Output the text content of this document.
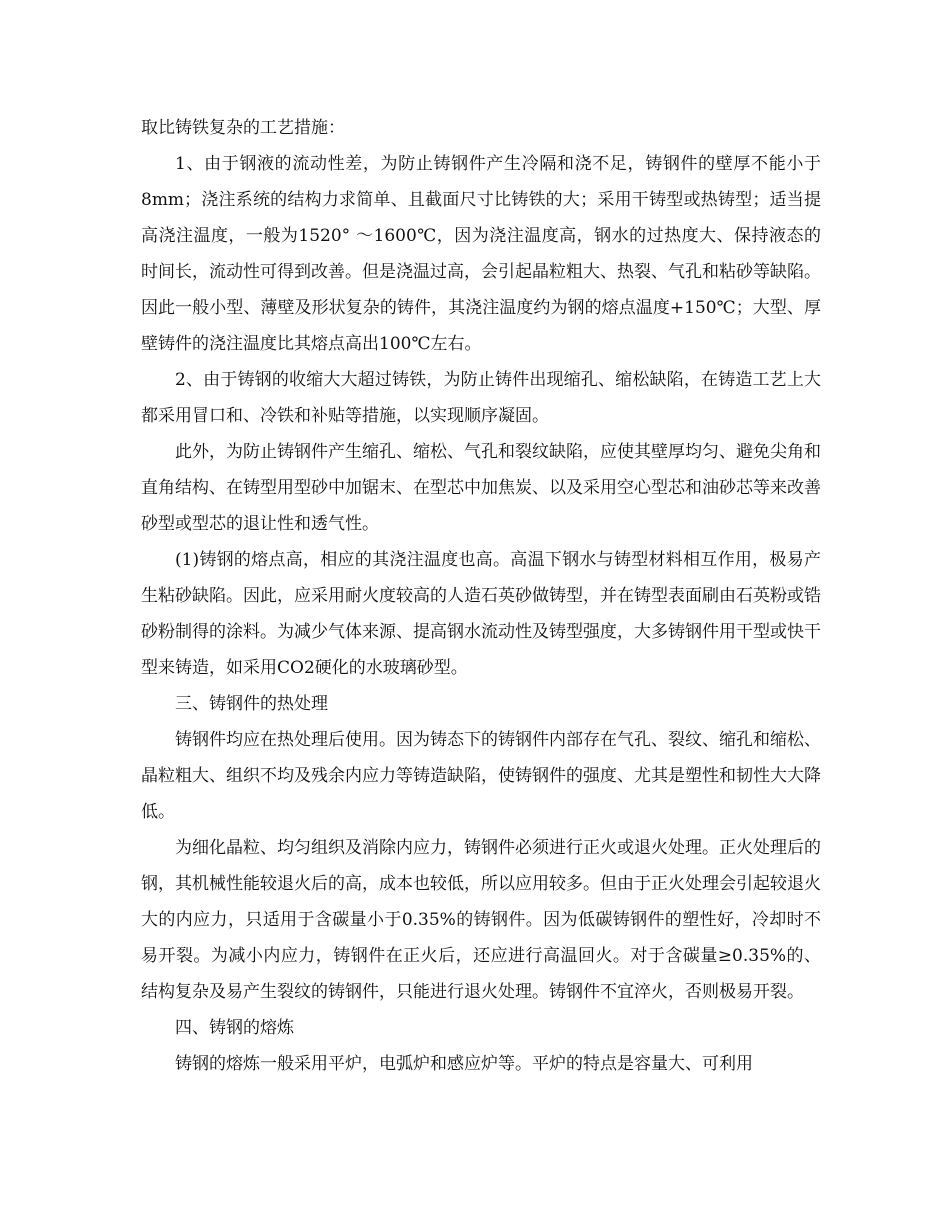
取比铸铁复杂的工艺措施：

1、由于钢液的流动性差，为防止铸钢件产生冷隔和浇不足，铸钢件的壁厚不能小于8mm；浇注系统的结构力求简单、且截面尺寸比铸铁的大；采用干铸型或热铸型；适当提高浇注温度，一般为1520° ～1600℃，因为浇注温度高，钢水的过热度大、保持液态的时间长，流动性可得到改善。但是浇温过高，会引起晶粒粗大、热裂、气孔和粘砂等缺陷。因此一般小型、薄壁及形状复杂的铸件，其浇注温度约为钢的熔点温度+150℃；大型、厚壁铸件的浇注温度比其熔点高出100℃左右。

2、由于铸钢的收缩大大超过铸铁，为防止铸件出现缩孔、缩松缺陷，在铸造工艺上大都采用冒口和、冷铁和补贴等措施，以实现顺序凝固。

此外，为防止铸钢件产生缩孔、缩松、气孔和裂纹缺陷，应使其壁厚均匀、避免尖角和直角结构、在铸型用型砂中加锯末、在型芯中加焦炭、以及采用空心型芯和油砂芯等来改善砂型或型芯的退让性和透气性。

(1)铸钢的熔点高，相应的其浇注温度也高。高温下钢水与铸型材料相互作用，极易产生粘砂缺陷。因此，应采用耐火度较高的人造石英砂做铸型，并在铸型表面刷由石英粉或锆砂粉制得的涂料。为减少气体来源、提高钢水流动性及铸型强度，大多铸钢件用干型或快干型来铸造，如采用CO2硬化的水玻璃砂型。

三、铸钢件的热处理

铸钢件均应在热处理后使用。因为铸态下的铸钢件内部存在气孔、裂纹、缩孔和缩松、晶粒粗大、组织不均及残余内应力等铸造缺陷，使铸钢件的强度、尤其是塑性和韧性大大降低。

为细化晶粒、均匀组织及消除内应力，铸钢件必须进行正火或退火处理。正火处理后的钢，其机械性能较退火后的高，成本也较低，所以应用较多。但由于正火处理会引起较退火大的内应力，只适用于含碳量小于0.35%的铸钢件。因为低碳铸钢件的塑性好，冷却时不易开裂。为减小内应力，铸钢件在正火后，还应进行高温回火。对于含碳量≥0.35%的、结构复杂及易产生裂纹的铸钢件，只能进行退火处理。铸钢件不宜淬火，否则极易开裂。

四、铸钢的熔炼

铸钢的熔炼一般采用平炉，电弧炉和感应炉等。平炉的特点是容量大、可利用
